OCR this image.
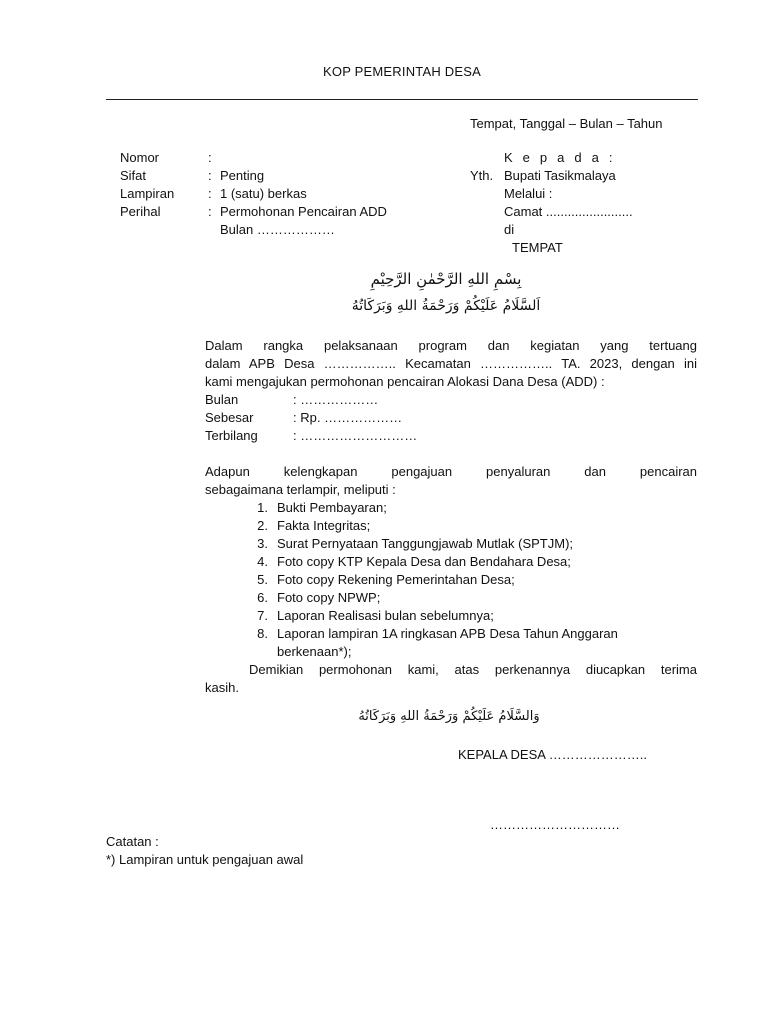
KOP PEMERINTAH DESA
Tempat, Tanggal – Bulan – Tahun
Nomor	:
Sifat	: Penting
Lampiran	: 1 (satu) berkas
Perihal	: Permohonan Pencairan ADD
Bulan ………………
K e p a d a :
Yth. Bupati Tasikmalaya
Melalui :
Camat ........................
di
TEMPAT
بِسْمِ اللهِ الرَّحْمٰنِ الرَّحِيْمِ
اَلسَّلَامُ عَلَيْكُمْ وَرَحْمَةُ اللهِ وَبَرَكَاتُهُ
Dalam rangka pelaksanaan program dan kegiatan yang tertuang
dalam APB Desa …………….. Kecamatan …………….. TA. 2023, dengan ini
kami mengajukan permohonan pencairan Alokasi Dana Desa (ADD) :
Bulan	: ………………
Sebesar	: Rp. ………………
Terbilang	: ………………………
Adapun kelengkapan pengajuan penyaluran dan pencairan
sebagaimana terlampir, meliputi :
1. Bukti Pembayaran;
2. Fakta Integritas;
3. Surat Pernyataan Tanggungjawab Mutlak (SPTJM);
4. Foto copy KTP Kepala Desa dan Bendahara Desa;
5. Foto copy Rekening Pemerintahan Desa;
6. Foto copy NPWP;
7. Laporan Realisasi bulan sebelumnya;
8. Laporan lampiran 1A ringkasan APB Desa Tahun Anggaran
berkenaan*);
Demikian permohonan kami, atas perkenannya diucapkan terima
kasih.
وَالسَّلَامُ عَلَيْكُمْ وَرَحْمَةُ اللهِ وَبَرَكَاتُهُ
KEPALA DESA …………………..
…………………………
Catatan :
*) Lampiran untuk pengajuan awal
